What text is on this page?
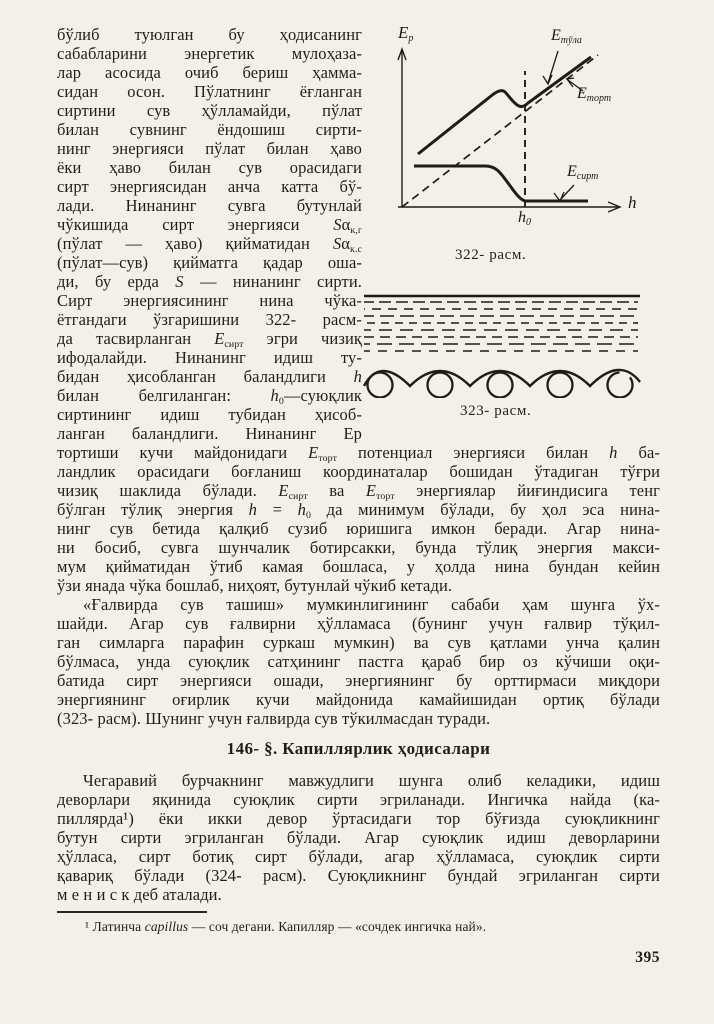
бўлиб туюлган бу ҳодисанинг
сабабларини энергетик мулоҳаза-
лар асосида очиб бериш ҳамма-
сидан осон. Пўлатнинг ёғланган
сиртини сув ҳўлламайди, пўлат
билан сувнинг ёндошиш сирти-
нинг энергияси пўлат билан ҳаво
ёки ҳаво билан сув орасидаги
сирт энергиясидан анча катта бў-
лади. Нинанинг сувга бутунлай
чўкишида сирт энергияси $S\alpha_{к,г}$
(пўлат — ҳаво) қийматидан $S\alpha_{к.с}$
(пўлат—сув) қийматга қадар оша-
ди, бу ерда S — нинанинг сирти.
Сирт энергиясининг нина чўка-
ётгандаги ўзгаришини 322- расм-
да тасвирланган $E_{сирт}$ эгри чизиқ
ифодалайди. Нинанинг идиш ту-
бидан ҳисобланган баландлиги h
билан белгиланган: $h_0—суюқлик$
сиртининг идиш тубидан ҳисоб-
ланган баландлиги. Нинанинг Ер
$E_p$	$E_{тўла}$
$E_{торт}$
$E_{сирт}$
h
$h_0$
322- расм.
323- расм.
тортиши кучи майдонидаги $E_{торт}$ потенциал энергияси билан h ба-
ландлик орасидаги боғланиш координаталар бошидан ўтадиган тўғри
чизиқ шаклида бўлади. $E_{сирт}$ ва $E_{торт}$ энергиялар йиғиндисига тенг
бўлган тўлиқ энергия $h = h_0$ да минимум бўлади, бу ҳол эса нина-
нинг сув бетида қалқиб сузиб юришига имкон беради. Агар нина-
ни босиб, сувга шунчалик ботирсакки, бунда тўлиқ энергия макси-
мум қийматидан ўтиб камая бошласа, у ҳолда нина бундан кейин
ўзи янада чўка бошлаб, ниҳоят, бутунлай чўкиб кетади.
«Ғалвирда сув ташиш» мумкинлигининг сабаби ҳам шунга ўх-
шайди. Агар сув ғалвирни ҳўлламаса (бунинг учун ғалвир тўқил-
ган симларга парафин суркаш мумкин) ва сув қатлами унча қалин
бўлмаса, унда суюқлик сатҳининг пастга қараб бир оз кўчиши оқи-
батида сирт энергияси ошади, энергиянинг бу орттирмаси миқдори
энергиянинг оғирлик кучи майдонида камайишидан ортиқ бўлади
(323- расм). Шунинг учун ғалвирда сув тўкилмасдан туради.
146- §. Капиллярлик ҳодисалари
Чегаравий бурчакнинг мавжудлиги шунга олиб келадики, идиш
деворлари яқинида суюқлик сирти эгриланади. Ингичка найда (ка-
пиллярда¹) ёки икки девор ўртасидаги тор бўғизда суюқликнинг
бутун сирти эгриланган бўлади. Агар суюқлик идиш деворларини
ҳўлласа, сирт ботиқ сирт бўлади, агар ҳўлламаса, суюқлик сирти
қавариқ бўлади (324- расм). Суюқликнинг бундай эгриланган сирти
м е н и с к деб аталади.
¹ Латинча capillus — соч дегани. Капилляр — «сочдек ингичка най».
395
